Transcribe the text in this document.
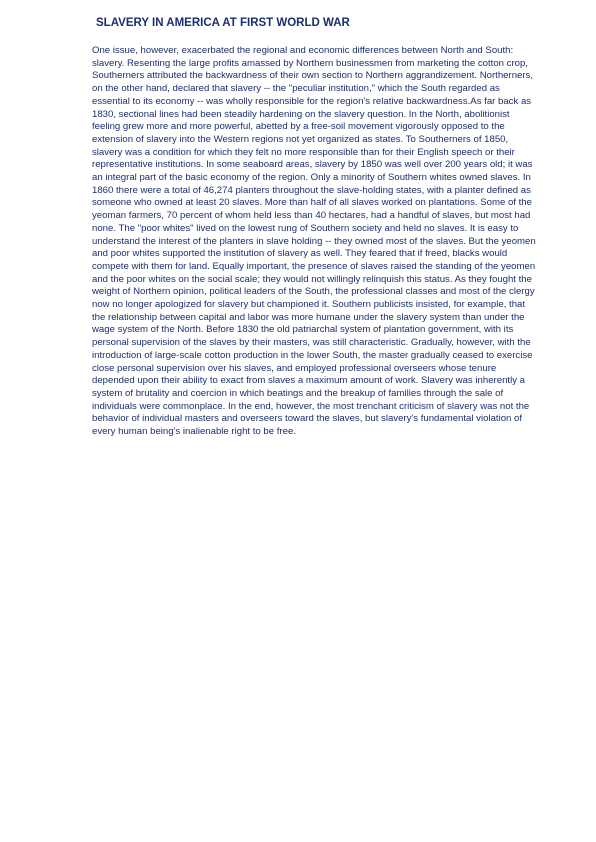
SLAVERY IN AMERICA AT FIRST WORLD WAR

One issue, however, exacerbated the regional and economic differences between North and South: slavery. Resenting the large profits amassed by Northern businessmen from marketing the cotton crop, Southerners attributed the backwardness of their own section to Northern aggrandizement. Northerners, on the other hand, declared that slavery -- the "peculiar institution," which the South regarded as essential to its economy -- was wholly responsible for the region's relative backwardness.As far back as 1830, sectional lines had been steadily hardening on the slavery question. In the North, abolitionist feeling grew more and more powerful, abetted by a free-soil movement vigorously opposed to the extension of slavery into the Western regions not yet organized as states. To Southerners of 1850, slavery was a condition for which they felt no more responsible than for their English speech or their representative institutions. In some seaboard areas, slavery by 1850 was well over 200 years old; it was an integral part of the basic economy of the region. Only a minority of Southern whites owned slaves. In 1860 there were a total of 46,274 planters throughout the slave-holding states, with a planter defined as someone who owned at least 20 slaves. More than half of all slaves worked on plantations. Some of the yeoman farmers, 70 percent of whom held less than 40 hectares, had a handful of slaves, but most had none. The "poor whites" lived on the lowest rung of Southern society and held no slaves. It is easy to understand the interest of the planters in slave holding -- they owned most of the slaves. But the yeomen and poor whites supported the institution of slavery as well. They feared that if freed, blacks would compete with them for land. Equally important, the presence of slaves raised the standing of the yeomen and the poor whites on the social scale; they would not willingly relinquish this status. As they fought the weight of Northern opinion, political leaders of the South, the professional classes and most of the clergy now no longer apologized for slavery but championed it. Southern publicists insisted, for example, that the relationship between capital and labor was more humane under the slavery system than under the wage system of the North. Before 1830 the old patriarchal system of plantation government, with its personal supervision of the slaves by their masters, was still characteristic. Gradually, however, with the introduction of large-scale cotton production in the lower South, the master gradually ceased to exercise close personal supervision over his slaves, and employed professional overseers whose tenure depended upon their ability to exact from slaves a maximum amount of work. Slavery was inherently a system of brutality and coercion in which beatings and the breakup of families through the sale of individuals were commonplace. In the end, however, the most trenchant criticism of slavery was not the behavior of individual masters and overseers toward the slaves, but slavery's fundamental violation of every human being's inalienable right to be free.
